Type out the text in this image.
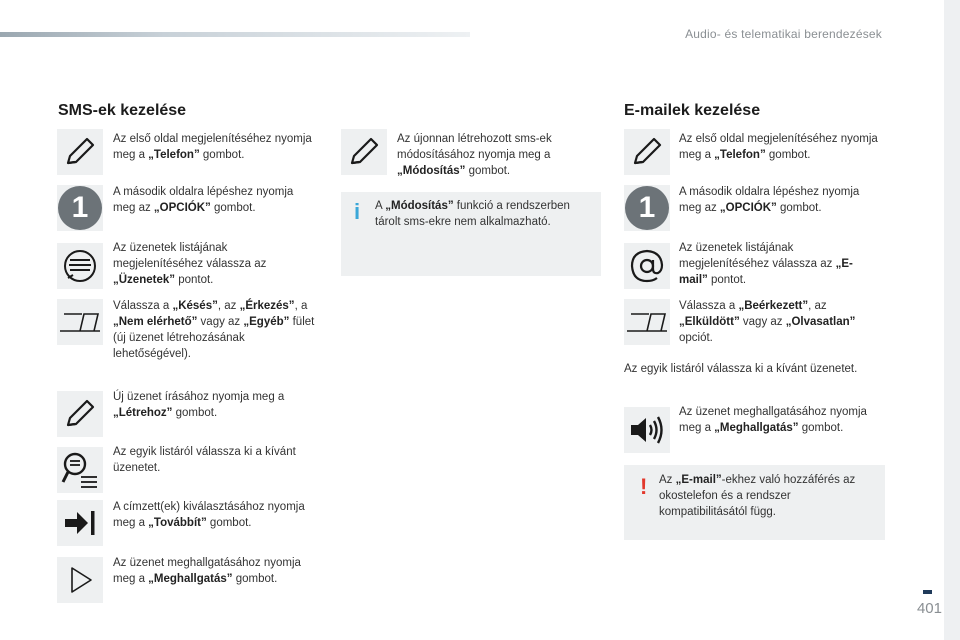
Audio- és telematikai berendezések
401
SMS-ek kezelése
Az első oldal megjelenítéséhez nyomja meg a „Telefon” gombot.
1	A második oldalra lépéshez nyomja meg az „OPCIÓK” gombot.
Az üzenetek listájának megjelenítéséhez válassza az „Üzenetek” pontot.
Válassza a „Késés”, az „Érkezés”, a „Nem elérhető” vagy az „Egyéb” fület (új üzenet létrehozásának lehetőségével).
Új üzenet írásához nyomja meg a „Létrehoz” gombot.
Az egyik listáról válassza ki a kívánt üzenetet.
A címzett(ek) kiválasztásához nyomja meg a „Továbbít” gombot.
Az üzenet meghallgatásához nyomja meg a „Meghallgatás” gombot.
Az újonnan létrehozott sms-ek módosításához nyomja meg a „Módosítás” gombot.
i A „Módosítás” funkció a rendszerben tárolt sms-ekre nem alkalmazható.
E-mailek kezelése
Az első oldal megjelenítéséhez nyomja meg a „Telefon” gombot.
1	A második oldalra lépéshez nyomja meg az „OPCIÓK” gombot.
Az üzenetek listájának megjelenítéséhez válassza az „E-mail” pontot.
Válassza a „Beérkezett”, az „Elküldött” vagy az „Olvasatlan” opciót.
Az egyik listáról válassza ki a kívánt üzenetet.
Az üzenet meghallgatásához nyomja meg a „Meghallgatás” gombot.
! Az „E-mail”-ekhez való hozzáférés az okostelefon és a rendszer kompatibilitásától függ.
